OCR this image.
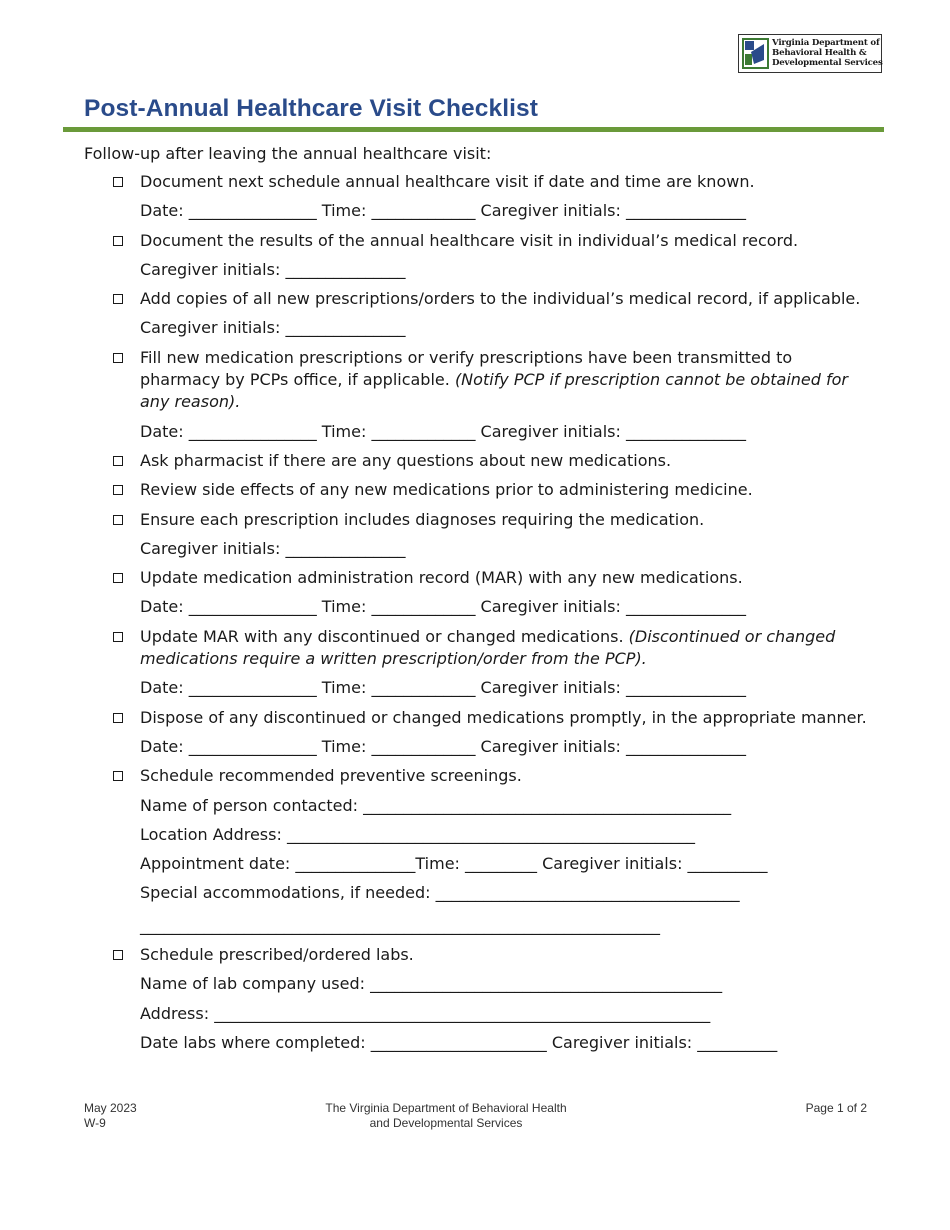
Virginia Department of
Behavioral Health &
Developmental Services
Post-Annual Healthcare Visit Checklist
Follow-up after leaving the annual healthcare visit:
Document next schedule annual healthcare visit if date and time are known.
Date: ________________ Time: _____________ Caregiver initials: _______________
Document the results of the annual healthcare visit in individual’s medical record.
Caregiver initials: _______________
Add copies of all new prescriptions/orders to the individual’s medical record, if applicable.
Caregiver initials: _______________
Fill new medication prescriptions or verify prescriptions have been transmitted to pharmacy by PCPs office, if applicable. (Notify PCP if prescription cannot be obtained for any reason).
Date: ________________ Time: _____________ Caregiver initials: _______________
Ask pharmacist if there are any questions about new medications.
Review side effects of any new medications prior to administering medicine.
Ensure each prescription includes diagnoses requiring the medication.
Caregiver initials: _______________
Update medication administration record (MAR) with any new medications.
Date: ________________ Time: _____________ Caregiver initials: _______________
Update MAR with any discontinued or changed medications. (Discontinued or changed medications require a written prescription/order from the PCP).
Date: ________________ Time: _____________ Caregiver initials: _______________
Dispose of any discontinued or changed medications promptly, in the appropriate manner.
Date: ________________ Time: _____________ Caregiver initials: _______________
Schedule recommended preventive screenings.
Name of person contacted: ______________________________________________
Location Address: ___________________________________________________
Appointment date: _______________Time: _________ Caregiver initials: __________
Special accommodations, if needed: ______________________________________
_________________________________________________________________
Schedule prescribed/ordered labs.
Name of lab company used: ____________________________________________
Address: ______________________________________________________________
Date labs where completed: ______________________ Caregiver initials: __________
May 2023
W-9
The Virginia Department of Behavioral Health
and Developmental Services
Page 1 of 2
